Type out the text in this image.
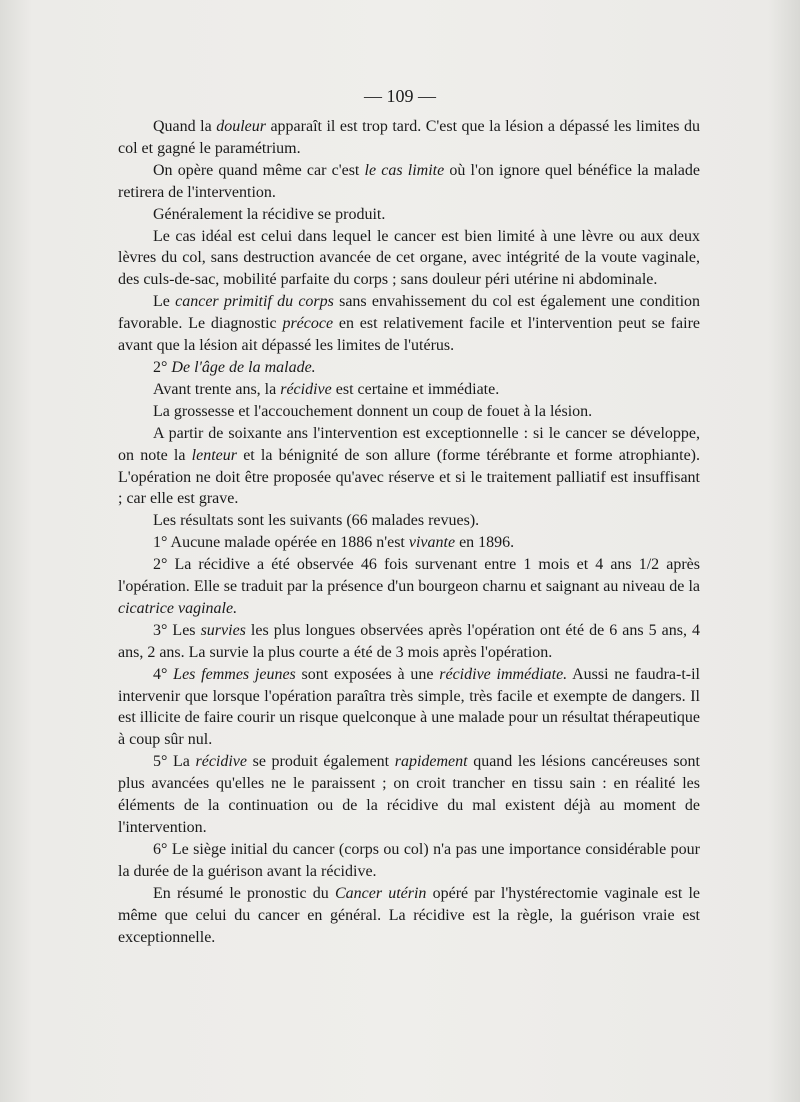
— 109 —

Quand la douleur apparaît il est trop tard. C'est que la lésion a dépassé les limites du col et gagné le paramétrium.

On opère quand même car c'est le cas limite où l'on ignore quel bénéfice la malade retirera de l'intervention.

Généralement la récidive se produit.

Le cas idéal est celui dans lequel le cancer est bien limité à une lèvre ou aux deux lèvres du col, sans destruction avancée de cet organe, avec intégrité de la voute vaginale, des culs-de-sac, mobilité parfaite du corps ; sans douleur péri utérine ni abdominale.

Le cancer primitif du corps sans envahissement du col est également une condition favorable. Le diagnostic précoce en est relativement facile et l'intervention peut se faire avant que la lésion ait dépassé les limites de l'utérus.

2° De l'âge de la malade.

Avant trente ans, la récidive est certaine et immédiate.

La grossesse et l'accouchement donnent un coup de fouet à la lésion.

A partir de soixante ans l'intervention est exceptionnelle : si le cancer se développe, on note la lenteur et la bénignité de son allure (forme térébrante et forme atrophiante). L'opération ne doit être proposée qu'avec réserve et si le traitement palliatif est insuffisant ; car elle est grave.

Les résultats sont les suivants (66 malades revues).

1° Aucune malade opérée en 1886 n'est vivante en 1896.

2° La récidive a été observée 46 fois survenant entre 1 mois et 4 ans 1/2 après l'opération. Elle se traduit par la présence d'un bourgeon charnu et saignant au niveau de la cicatrice vaginale.

3° Les survies les plus longues observées après l'opération ont été de 6 ans 5 ans, 4 ans, 2 ans. La survie la plus courte a été de 3 mois après l'opération.

4° Les femmes jeunes sont exposées à une récidive immédiate. Aussi ne faudra-t-il intervenir que lorsque l'opération paraîtra très simple, très facile et exempte de dangers. Il est illicite de faire courir un risque quelconque à une malade pour un résultat thérapeutique à coup sûr nul.

5° La récidive se produit également rapidement quand les lésions cancéreuses sont plus avancées qu'elles ne le paraissent ; on croit trancher en tissu sain : en réalité les éléments de la continuation ou de la récidive du mal existent déjà au moment de l'intervention.

6° Le siège initial du cancer (corps ou col) n'a pas une importance considérable pour la durée de la guérison avant la récidive.

En résumé le pronostic du Cancer utérin opéré par l'hystérectomie vaginale est le même que celui du cancer en général. La récidive est la règle, la guérison vraie est exceptionnelle.
